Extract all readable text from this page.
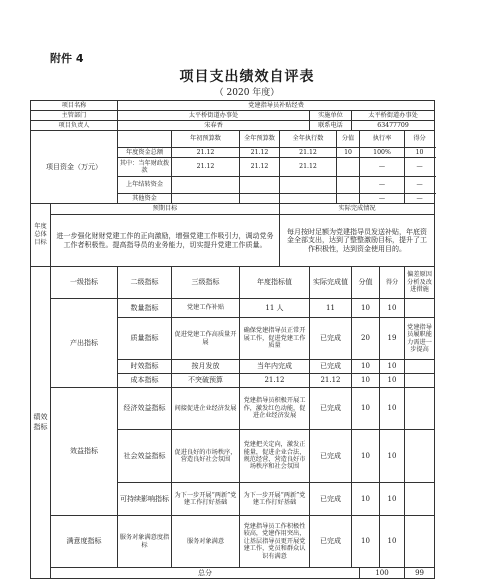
附件 4
项目支出绩效自评表
（ 2020 年度）
项目名称		党建指导员补贴经费										
主管部门		太平桥街道办事处				实施单位		太平桥街道办事处				
项目负责人		宋春香				联系电话		63477709				
项目资金（万元）			年初预算数	全年预算数	全年执行数		分值		执行率		得分	
		年度资金总额	21.12	21.12	21.12		10		100%		10	
		其中：当年财政拨款	21.12	21.12	21.12				—		—	
		上年结转资金							—		—	
		其他资金							—		—	
年度总体目标	预期目标				实际完成情况							
	进一步强化财财党建工作的正向激励，增强党建工作吸引力，调动党务工作者积极性。提高指导员的业务能力，切实提升党建工作质量。				每月按时足额为党建指导员发送补贴，年底资金全部支出，达到了整整激励目标，提升了工作积极性，达到资金使用目的。							
绩效指标	一级指标	二级指标	三级指标	年度指标值		实际完成值		分值		得分	偏差原因分析及改进措施	
	产出指标	数量指标	党建工作补贴	11 人		11		10		10		
		质量指标	促进党建工作高质量开展	确保党建指导员正常开展工作，促进党建工作质量		已完成		20		19	党建指导员履职能力需进一步提高	
		时效指标	按月发放	当年内完成		已完成		10		10		
		成本指标	不突破预算	21.12		21.12		10		10		
	效益指标	经济效益指标	间接促进企业经济发展	党建指导员积极开展工作，激发红色动能，促进企业经济发展		已完成		10		10		
		社会效益指标	促进良好的市场秩序，营造良好社会氛围	党建把关定向，激发正能量，促进企业合法，规范经营，营造良好市场秩序和社会氛围		已完成		10		10		
		可持续影响指标	为下一步开展“两新”党建工作打好基础	为下一步开展“两新”党建工作打好基础		已完成		10		10		
	满意度指标	服务对象满意度指标	服务对象满意	党建指导员工作积极性较高，党建作用突出，让基层指导员更开展党建工作，党员和群众认识有满意		已完成		10		10		
	总分								100		99	
